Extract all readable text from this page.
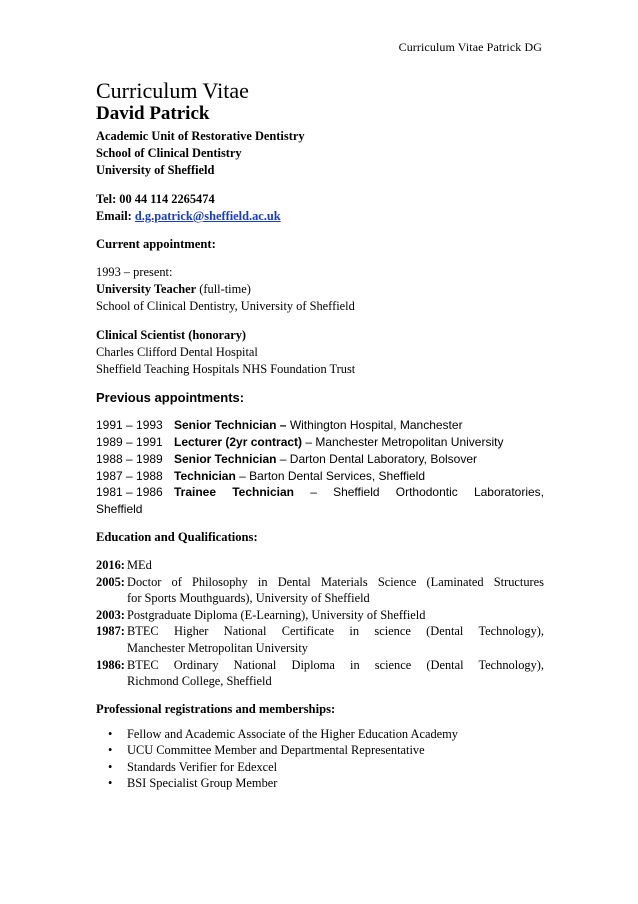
Curriculum Vitae Patrick DG
Curriculum Vitae
David Patrick
Academic Unit of Restorative Dentistry
School of Clinical Dentistry
University of Sheffield
Tel: 00 44 114 2265474
Email: d.g.patrick@sheffield.ac.uk
Current appointment:
1993 – present:
University Teacher (full-time)
School of Clinical Dentistry, University of Sheffield
Clinical Scientist (honorary)
Charles Clifford Dental Hospital
Sheffield Teaching Hospitals NHS Foundation Trust
Previous appointments:
1991 – 1993 Senior Technician – Withington Hospital, Manchester
1989 – 1991 Lecturer (2yr contract) – Manchester Metropolitan University
1988 – 1989 Senior Technician – Darton Dental Laboratory, Bolsover
1987 – 1988 Technician – Barton Dental Services, Sheffield
1981 – 1986 Trainee Technician – Sheffield Orthodontic Laboratories,
Sheffield
Education and Qualifications:
2016: MEd
2005: Doctor of Philosophy in Dental Materials Science (Laminated Structures
for Sports Mouthguards), University of Sheffield
2003: Postgraduate Diploma (E-Learning), University of Sheffield
1987: BTEC Higher National Certificate in science (Dental Technology),
Manchester Metropolitan University
1986: BTEC Ordinary National Diploma in science (Dental Technology),
Richmond College, Sheffield
Professional registrations and memberships:
• Fellow and Academic Associate of the Higher Education Academy
• UCU Committee Member and Departmental Representative
• Standards Verifier for Edexcel
• BSI Specialist Group Member
